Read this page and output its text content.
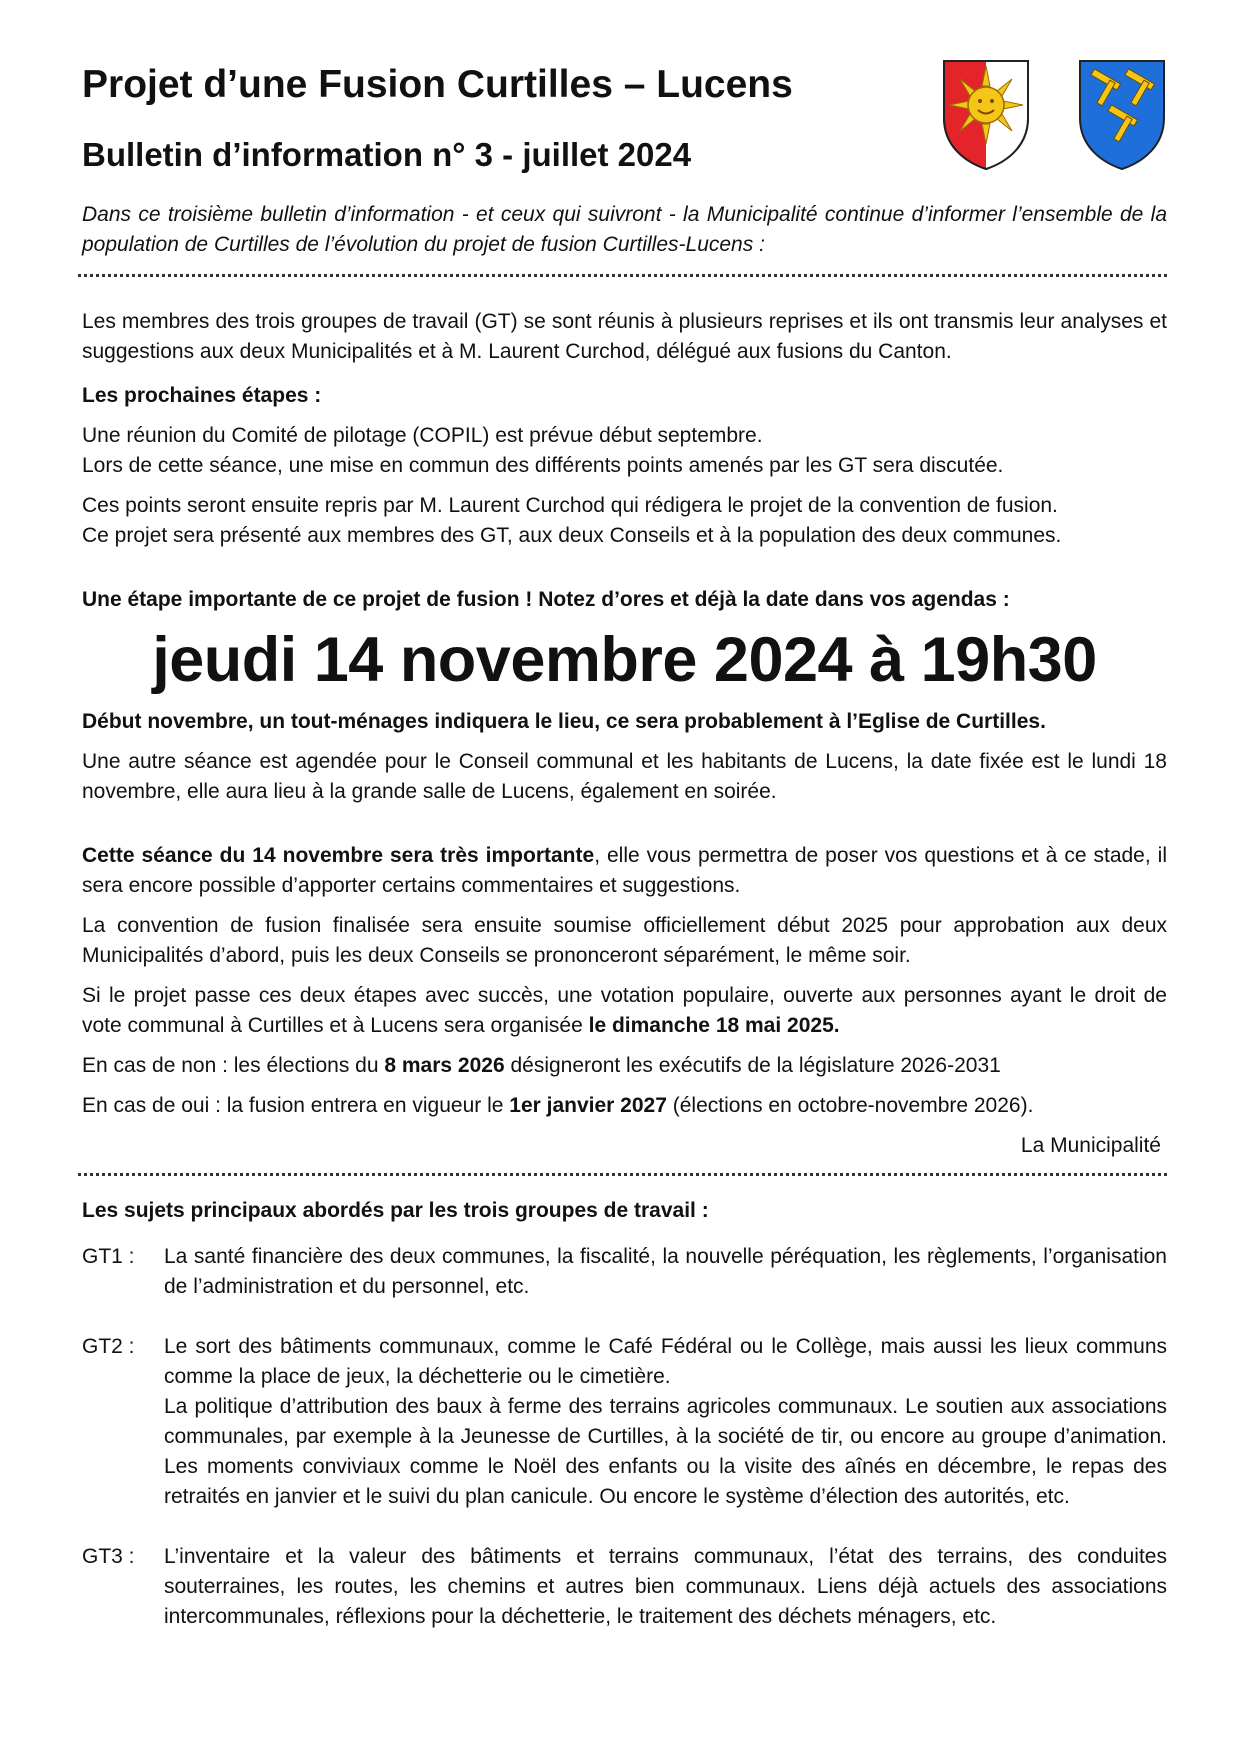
Projet d’une Fusion Curtilles – Lucens
Bulletin d’information n° 3 - juillet 2024

Dans ce troisième bulletin d’information - et ceux qui suivront - la Municipalité continue d’informer l’ensemble de la population de Curtilles de l’évolution du projet de fusion Curtilles-Lucens :

Les membres des trois groupes de travail (GT) se sont réunis à plusieurs reprises et ils ont transmis leur analyses et suggestions aux deux Municipalités et à M. Laurent Curchod, délégué aux fusions du Canton.

Les prochaines étapes :

Une réunion du Comité de pilotage (COPIL) est prévue début septembre.

Lors de cette séance, une mise en commun des différents points amenés par les GT sera discutée.

Ces points seront ensuite repris par M. Laurent Curchod qui rédigera le projet de la convention de fusion.

Ce projet sera présenté aux membres des GT, aux deux Conseils et à la population des deux communes.

Une étape importante de ce projet de fusion ! Notez d’ores et déjà la date dans vos agendas :

jeudi 14 novembre 2024 à 19h30

Début novembre, un tout-ménages indiquera le lieu, ce sera probablement à l’Eglise de Curtilles.

Une autre séance est agendée pour le Conseil communal et les habitants de Lucens, la date fixée est le lundi 18 novembre, elle aura lieu à la grande salle de Lucens, également en soirée.

Cette séance du 14 novembre sera très importante, elle vous permettra de poser vos questions et à ce stade, il sera encore possible d’apporter certains commentaires et suggestions.

La convention de fusion finalisée sera ensuite soumise officiellement début 2025 pour approbation aux deux Municipalités d’abord, puis les deux Conseils se prononceront séparément, le même soir.

Si le projet passe ces deux étapes avec succès, une votation populaire, ouverte aux personnes ayant le droit de vote communal à Curtilles et à Lucens sera organisée le dimanche 18 mai 2025.

En cas de non : les élections du 8 mars 2026 désigneront les exécutifs de la législature 2026-2031

En cas de oui : la fusion entrera en vigueur le 1er janvier 2027 (élections en octobre-novembre 2026).

La Municipalité

Les sujets principaux abordés par les trois groupes de travail :

GT1 :	La santé financière des deux communes, la fiscalité, la nouvelle péréquation, les règlements, l’organisation de l’administration et du personnel, etc.
GT2 :	Le sort des bâtiments communaux, comme le Café Fédéral ou le Collège, mais aussi les lieux communs comme la place de jeux, la déchetterie ou le cimetière.
La politique d’attribution des baux à ferme des terrains agricoles communaux. Le soutien aux associations communales, par exemple à la Jeunesse de Curtilles, à la société de tir, ou encore au groupe d’animation. Les moments conviviaux comme le Noël des enfants ou la visite des aînés en décembre, le repas des retraités en janvier et le suivi du plan canicule. Ou encore le système d’élection des autorités, etc.
GT3 :	L’inventaire et la valeur des bâtiments et terrains communaux, l’état des terrains, des conduites souterraines, les routes, les chemins et autres bien communaux. Liens déjà actuels des associations intercommunales, réflexions pour la déchetterie, le traitement des déchets ménagers, etc.
